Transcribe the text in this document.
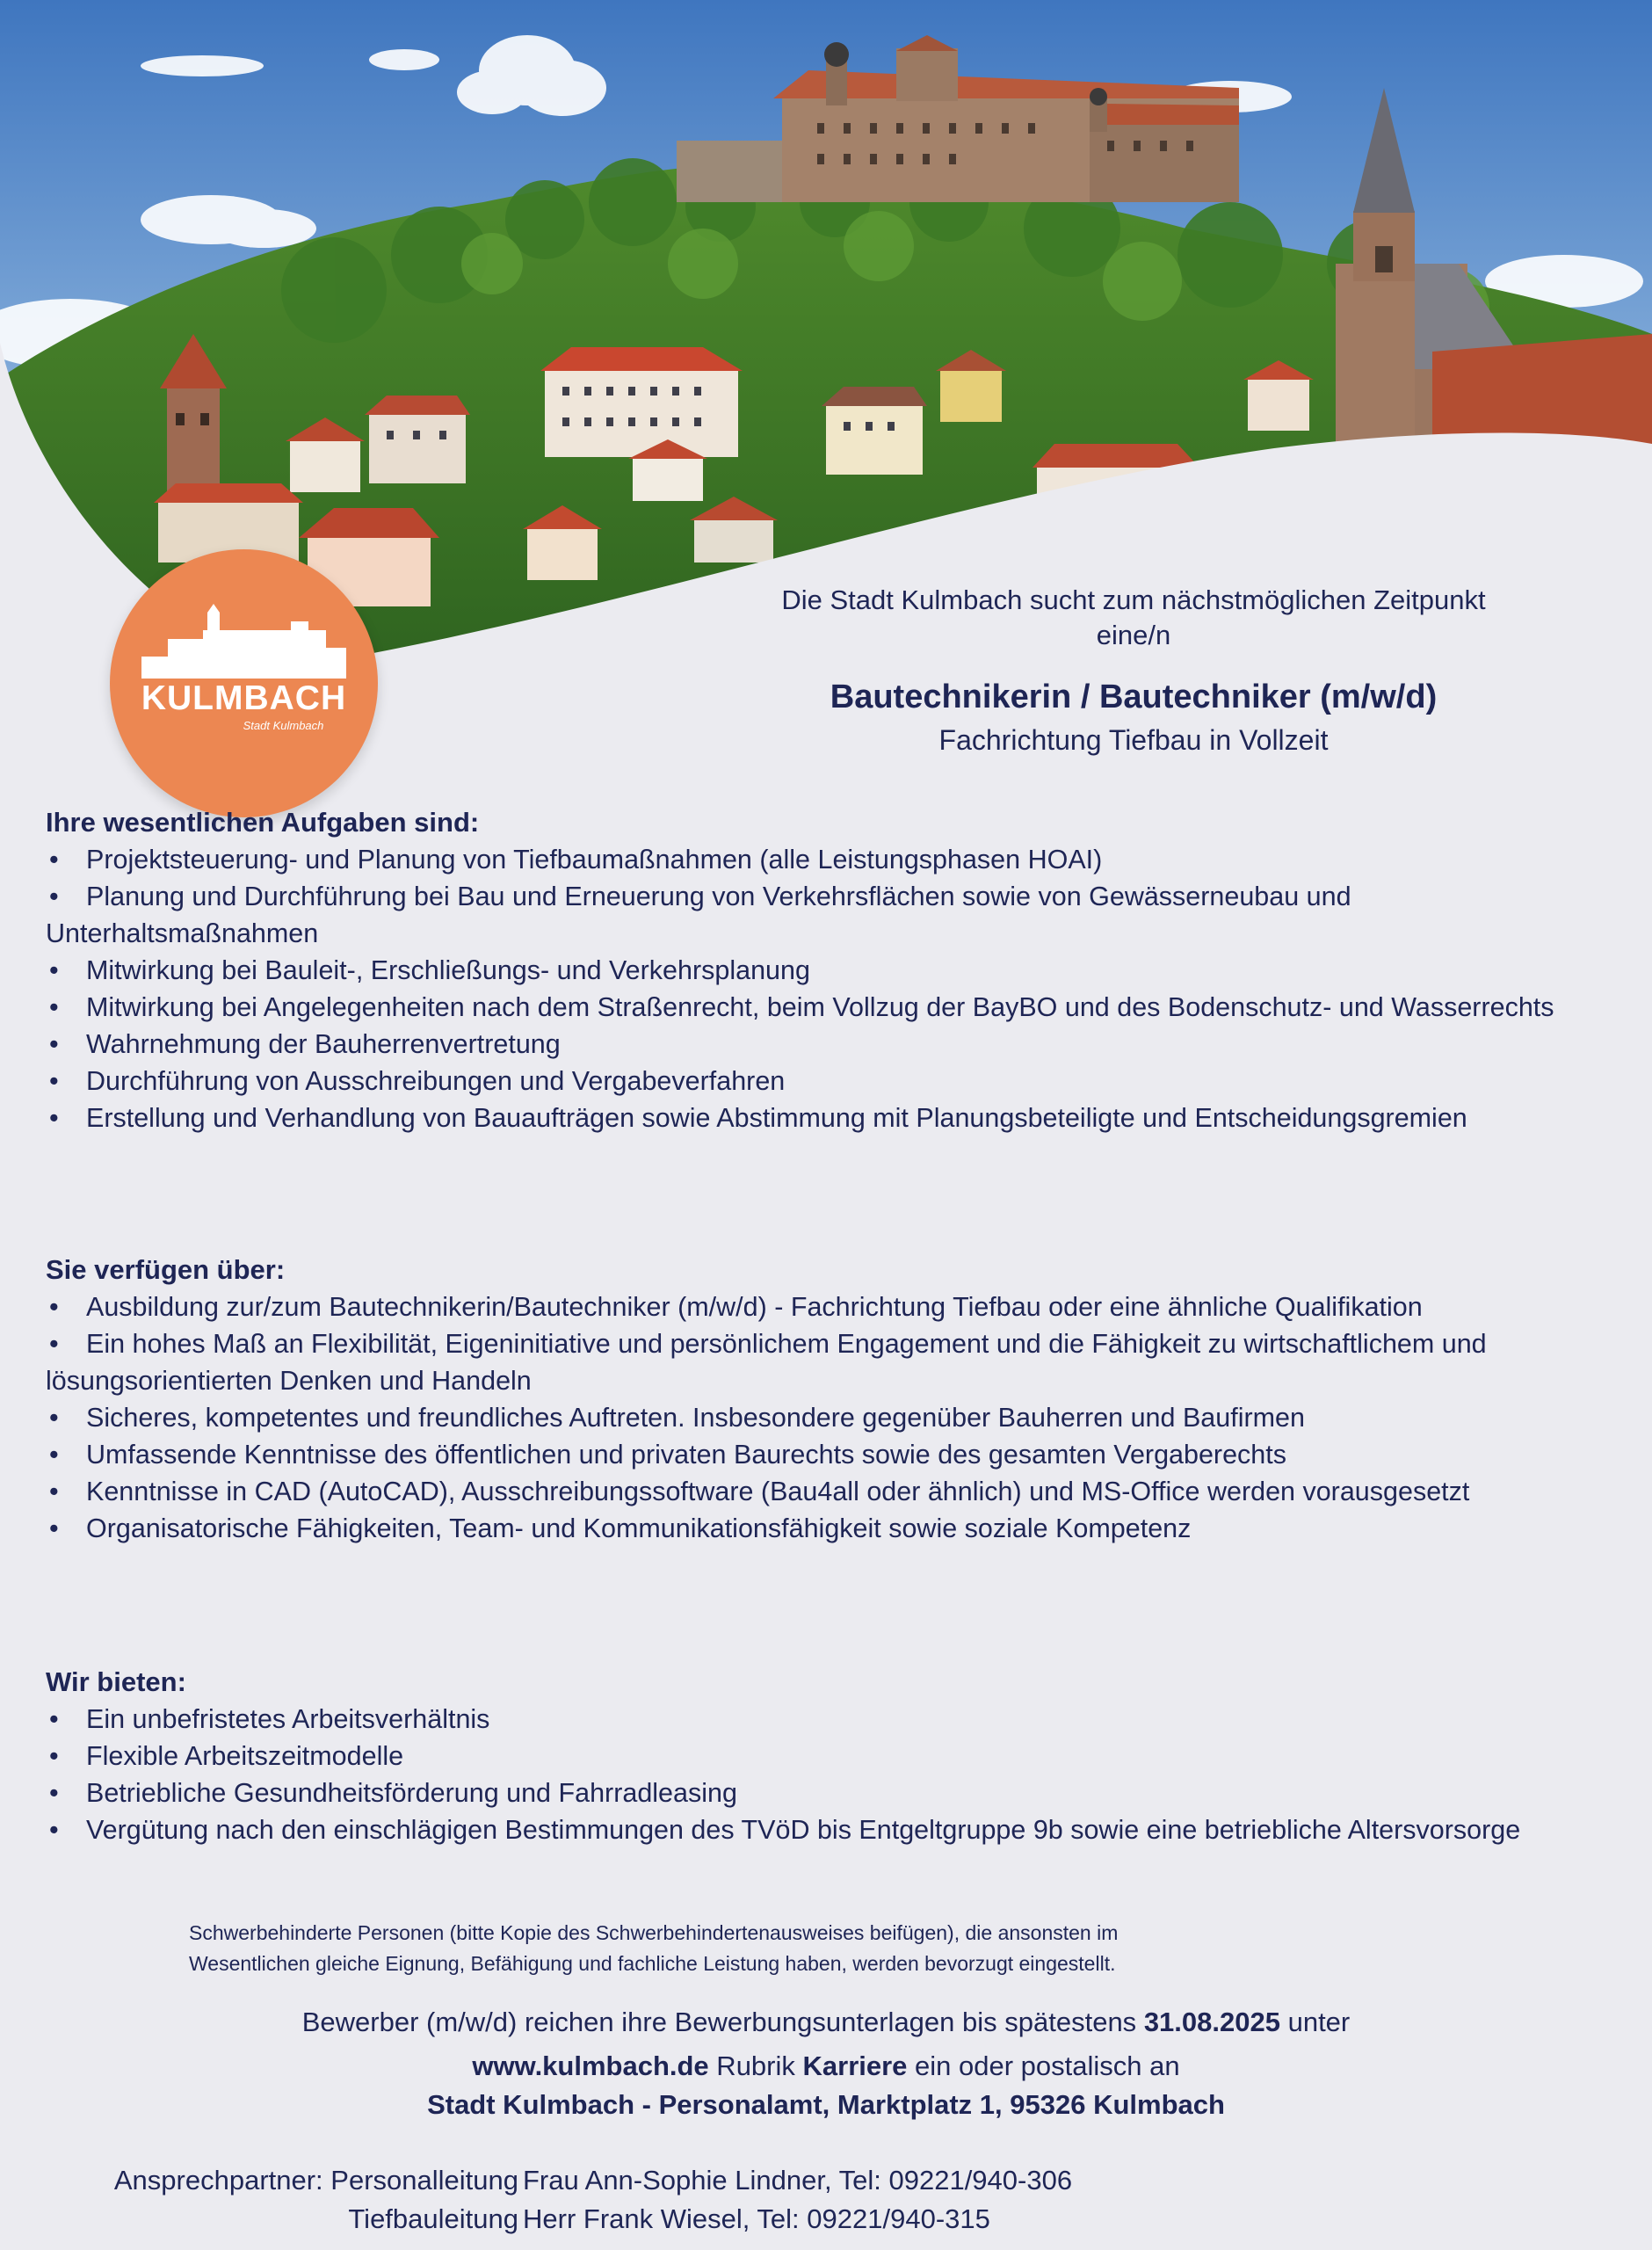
KULMBACH
Stadt Kulmbach
Die Stadt Kulmbach sucht zum nächstmöglichen Zeitpunkt
eine/n
Bautechnikerin / Bautechniker (m/w/d)
Fachrichtung Tiefbau in Vollzeit
Ihre wesentlichen Aufgaben sind:
• Projektsteuerung- und Planung von Tiefbaumaßnahmen (alle Leistungsphasen HOAI)
• Planung und Durchführung bei Bau und Erneuerung von Verkehrsflächen sowie von Gewässerneubau und Unterhaltsmaßnahmen
• Mitwirkung bei Bauleit-, Erschließungs- und Verkehrsplanung
• Mitwirkung bei Angelegenheiten nach dem Straßenrecht, beim Vollzug der BayBO und des Bodenschutz- und Wasserrechts
• Wahrnehmung der Bauherrenvertretung
• Durchführung von Ausschreibungen und Vergabeverfahren
• Erstellung und Verhandlung von Bauaufträgen sowie Abstimmung mit Planungsbeteiligte und Entscheidungsgremien
Sie verfügen über:
• Ausbildung zur/zum Bautechnikerin/Bautechniker (m/w/d) - Fachrichtung Tiefbau oder eine ähnliche Qualifikation
• Ein hohes Maß an Flexibilität, Eigeninitiative und persönlichem Engagement und die Fähigkeit zu wirtschaftlichem und lösungsorientierten Denken und Handeln
• Sicheres, kompetentes und freundliches Auftreten. Insbesondere gegenüber Bauherren und Baufirmen
• Umfassende Kenntnisse des öffentlichen und privaten Baurechts sowie des gesamten Vergaberechts
• Kenntnisse in CAD (AutoCAD), Ausschreibungssoftware (Bau4all oder ähnlich) und MS-Office werden vorausgesetzt
• Organisatorische Fähigkeiten, Team- und Kommunikationsfähigkeit sowie soziale Kompetenz
Wir bieten:
• Ein unbefristetes Arbeitsverhältnis
• Flexible Arbeitszeitmodelle
• Betriebliche Gesundheitsförderung und Fahrradleasing
• Vergütung nach den einschlägigen Bestimmungen des TVöD bis Entgeltgruppe 9b sowie eine betriebliche Altersvorsorge
Schwerbehinderte Personen (bitte Kopie des Schwerbehindertenausweises beifügen), die ansonsten im
Wesentlichen gleiche Eignung, Befähigung und fachliche Leistung haben, werden bevorzugt eingestellt.
Bewerber (m/w/d) reichen ihre Bewerbungsunterlagen bis spätestens 31.08.2025 unter
www.kulmbach.de Rubrik Karriere ein oder postalisch an
Stadt Kulmbach - Personalamt, Marktplatz 1, 95326 Kulmbach
Ansprechpartner: Personalleitung Frau Ann-Sophie Lindner, Tel: 09221/940-306
Tiefbauleitung Herr Frank Wiesel, Tel: 09221/940-315
